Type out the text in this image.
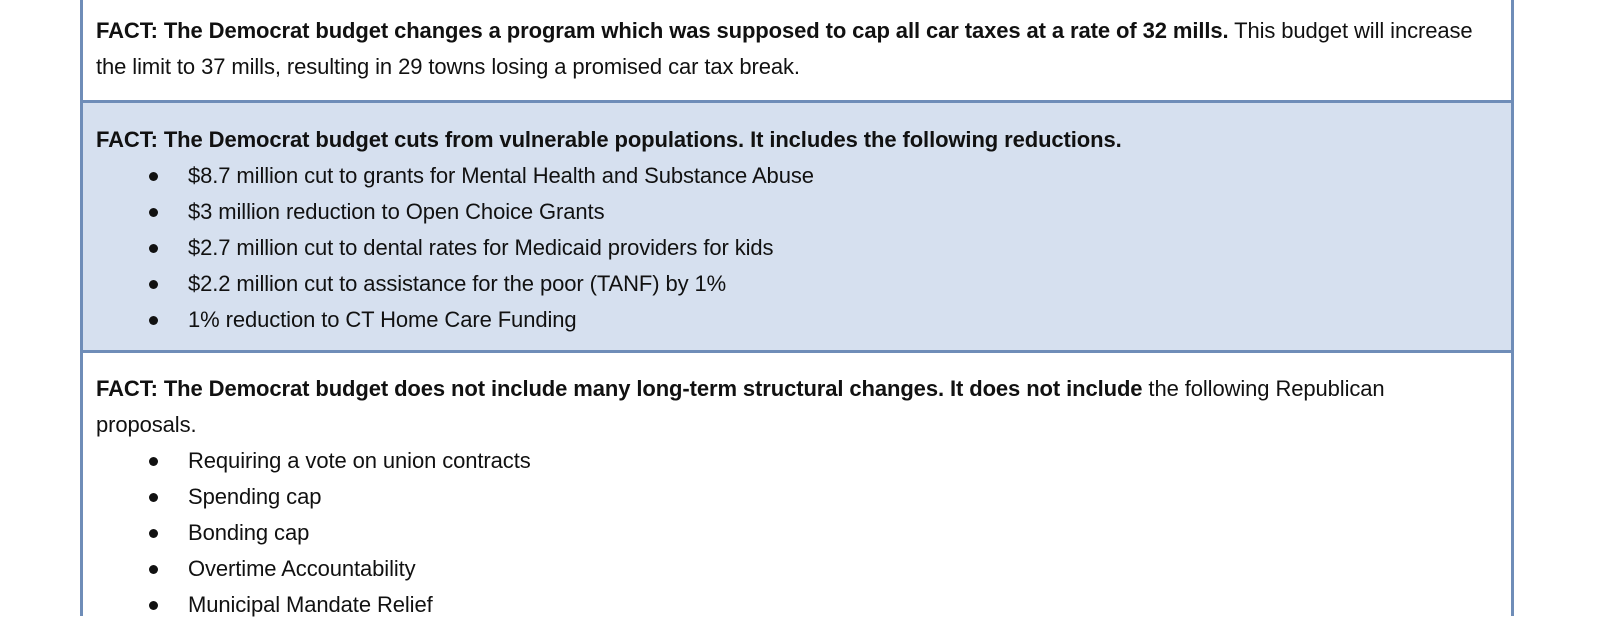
FACT: The Democrat budget changes a program which was supposed to cap all car taxes at a rate of 32 mills. This budget will increase the limit to 37 mills, resulting in 29 towns losing a promised car tax break.
FACT: The Democrat budget cuts from vulnerable populations. It includes the following reductions.
$8.7 million cut to grants for Mental Health and Substance Abuse
$3 million reduction to Open Choice Grants
$2.7 million cut to dental rates for Medicaid providers for kids
$2.2 million cut to assistance for the poor (TANF) by 1%
1% reduction to CT Home Care Funding
FACT: The Democrat budget does not include many long-term structural changes. It does not include the following Republican proposals.
Requiring a vote on union contracts
Spending cap
Bonding cap
Overtime Accountability
Municipal Mandate Relief
